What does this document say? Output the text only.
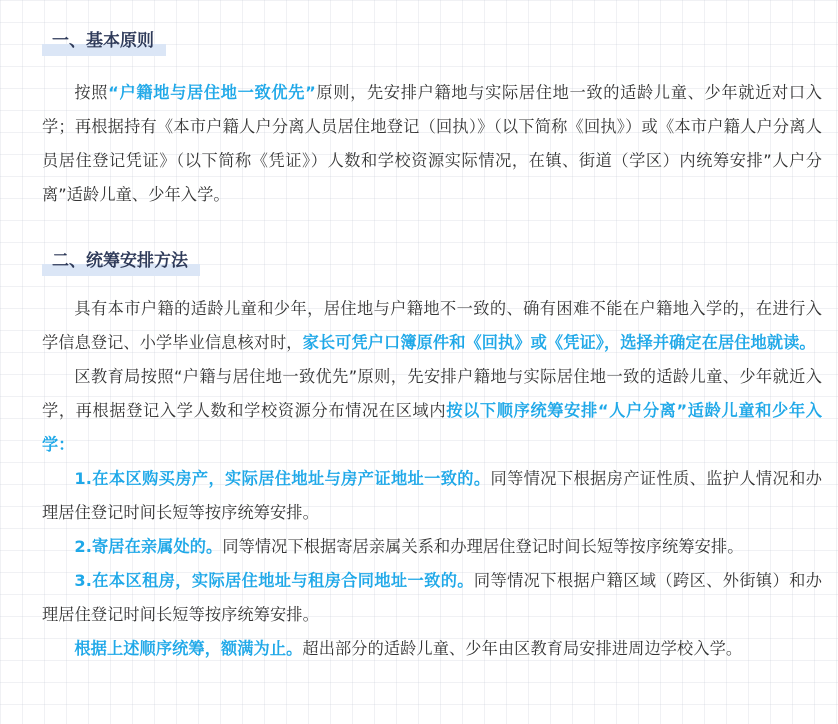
一、基本原则

按照“户籍地与居住地一致优先”原则，先安排户籍地与实际居住地一致的适龄儿童、少年就近对口入学；再根据持有《本市户籍人户分离人员居住地登记（回执）》（以下简称《回执》）或《本市户籍人户分离人员居住登记凭证》（以下简称《凭证》）人数和学校资源实际情况，在镇、街道（学区）内统筹安排”人户分离”适龄儿童、少年入学。

二、统筹安排方法

具有本市户籍的适龄儿童和少年，居住地与户籍地不一致的、确有困难不能在户籍地入学的，在进行入学信息登记、小学毕业信息核对时，家长可凭户口簿原件和《回执》或《凭证》，选择并确定在居住地就读。

区教育局按照“户籍与居住地一致优先”原则，先安排户籍地与实际居住地一致的适龄儿童、少年就近入学，再根据登记入学人数和学校资源分布情况在区域内按以下顺序统筹安排“人户分离”适龄儿童和少年入学：

1.在本区购买房产，实际居住地址与房产证地址一致的。同等情况下根据房产证性质、监护人情况和办理居住登记时间长短等按序统筹安排。

2.寄居在亲属处的。同等情况下根据寄居亲属关系和办理居住登记时间长短等按序统筹安排。

3.在本区租房，实际居住地址与租房合同地址一致的。同等情况下根据户籍区域（跨区、外街镇）和办理居住登记时间长短等按序统筹安排。

根据上述顺序统筹，额满为止。超出部分的适龄儿童、少年由区教育局安排进周边学校入学。
